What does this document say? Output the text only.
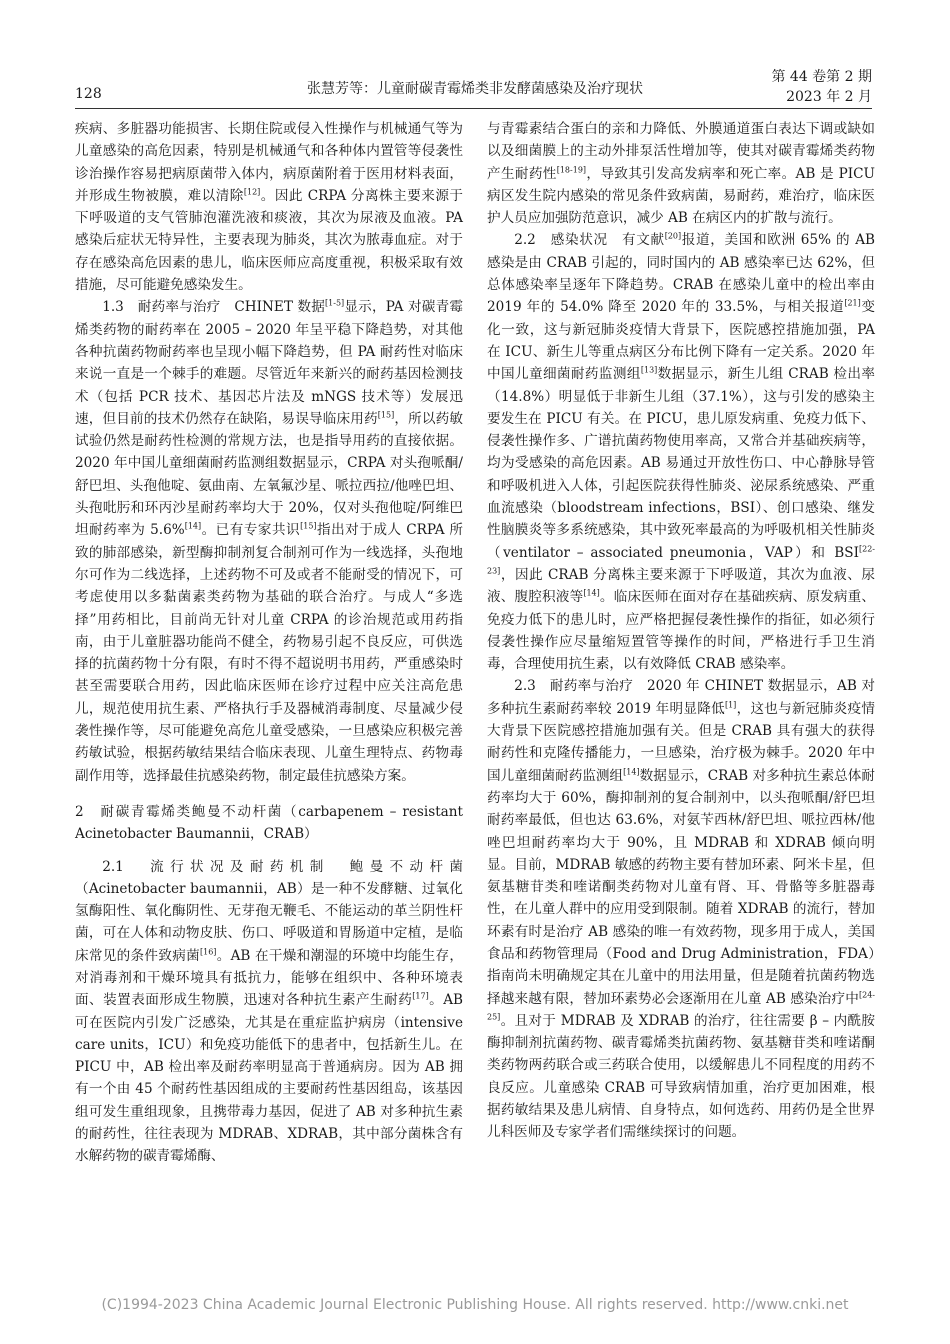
128	张慧芳等：儿童耐碳青霉烯类非发酵菌感染及治疗现状
第 44 卷第 2 期
2023 年 2 月

疾病、多脏器功能损害、长期住院或侵入性操作与机械通气等为儿童感染的高危因素，特别是机械通气和各种体内置管等侵袭性诊治操作容易把病原菌带入体内，病原菌附着于医用材料表面，并形成生物被膜，难以清除[12]。因此 CRPA 分离株主要来源于下呼吸道的支气管肺泡灌洗液和痰液，其次为尿液及血液。PA 感染后症状无特异性，主要表现为肺炎，其次为脓毒血症。对于存在感染高危因素的患儿，临床医师应高度重视，积极采取有效措施，尽可能避免感染发生。

1.3　耐药率与治疗　CHINET 数据[1-5]显示，PA 对碳青霉烯类药物的耐药率在 2005 – 2020 年呈平稳下降趋势，对其他各种抗菌药物耐药率也呈现小幅下降趋势，但 PA 耐药性对临床来说一直是一个棘手的难题。尽管近年来新兴的耐药基因检测技术（包括 PCR 技术、基因芯片法及 mNGS 技术等）发展迅速，但目前的技术仍然存在缺陷，易误导临床用药[15]，所以药敏试验仍然是耐药性检测的常规方法，也是指导用药的直接依据。2020 年中国儿童细菌耐药监测组数据显示，CRPA 对头孢哌酮/舒巴坦、头孢他啶、氨曲南、左氧氟沙星、哌拉西拉/他唑巴坦、头孢吡肟和环丙沙星耐药率均大于 20%，仅对头孢他啶/阿维巴坦耐药率为 5.6%[14]。已有专家共识[15]指出对于成人 CRPA 所致的肺部感染，新型酶抑制剂复合制剂可作为一线选择，头孢地尔可作为二线选择，上述药物不可及或者不能耐受的情况下，可考虑使用以多黏菌素类药物为基础的联合治疗。与成人“多选择”用药相比，目前尚无针对儿童 CRPA 的诊治规范或用药指南，由于儿童脏器功能尚不健全，药物易引起不良反应，可供选择的抗菌药物十分有限，有时不得不超说明书用药，严重感染时甚至需要联合用药，因此临床医师在诊疗过程中应关注高危患儿，规范使用抗生素、严格执行手及器械消毒制度、尽量减少侵袭性操作等，尽可能避免高危儿童受感染，一旦感染应积极完善药敏试验，根据药敏结果结合临床表现、儿童生理特点、药物毒副作用等，选择最佳抗感染药物，制定最佳抗感染方案。

2　耐碳青霉烯类鲍曼不动杆菌（carbapenem – resistant Acinetobacter Baumannii，CRAB）

2.1　流行状况及耐药机制　鲍曼不动杆菌（Acinetobacter baumannii，AB）是一种不发酵糖、过氧化氢酶阳性、氧化酶阴性、无芽孢无鞭毛、不能运动的革兰阴性杆菌，可在人体和动物皮肤、伤口、呼吸道和胃肠道中定植，是临床常见的条件致病菌[16]。AB 在干燥和潮湿的环境中均能生存，对消毒剂和干燥环境具有抵抗力，能够在组织中、各种环境表面、装置表面形成生物膜，迅速对各种抗生素产生耐药[17]。AB 可在医院内引发广泛感染，尤其是在重症监护病房（intensive care units，ICU）和免疫功能低下的患者中，包括新生儿。在 PICU 中，AB 检出率及耐药率明显高于普通病房。因为 AB 拥有一个由 45 个耐药性基因组成的主要耐药性基因组岛，该基因组可发生重组现象，且携带毒力基因，促进了 AB 对多种抗生素的耐药性，往往表现为 MDRAB、XDRAB，其中部分菌株含有水解药物的碳青霉烯酶、

与青霉素结合蛋白的亲和力降低、外膜通道蛋白表达下调或缺如以及细菌膜上的主动外排泵活性增加等，使其对碳青霉烯类药物产生耐药性[18-19]，导致其引发高发病率和死亡率。AB 是 PICU 病区发生院内感染的常见条件致病菌，易耐药，难治疗，临床医护人员应加强防范意识，减少 AB 在病区内的扩散与流行。

2.2　感染状况　有文献[20]报道，美国和欧洲 65% 的 AB 感染是由 CRAB 引起的，同时国内的 AB 感染率已达 62%，但总体感染率呈逐年下降趋势。CRAB 在感染儿童中的检出率由 2019 年的 54.0% 降至 2020 年的 33.5%，与相关报道[21]变化一致，这与新冠肺炎疫情大背景下，医院感控措施加强，PA 在 ICU、新生儿等重点病区分布比例下降有一定关系。2020 年中国儿童细菌耐药监测组[13]数据显示，新生儿组 CRAB 检出率（14.8%）明显低于非新生儿组（37.1%），这与引发的感染主要发生在 PICU 有关。在 PICU，患儿原发病重、免疫力低下、侵袭性操作多、广谱抗菌药物使用率高，又常合并基础疾病等，均为受感染的高危因素。AB 易通过开放性伤口、中心静脉导管和呼吸机进入人体，引起医院获得性肺炎、泌尿系统感染、严重血流感染（bloodstream infections，BSI）、创口感染、继发性脑膜炎等多系统感染，其中致死率最高的为呼吸机相关性肺炎（ventilator – associated pneumonia，VAP）和 BSI[22-23]，因此 CRAB 分离株主要来源于下呼吸道，其次为血液、尿液、腹腔积液等[14]。临床医师在面对存在基础疾病、原发病重、免疫力低下的患儿时，应严格把握侵袭性操作的指征，如必须行侵袭性操作应尽量缩短置管等操作的时间，严格进行手卫生消毒，合理使用抗生素，以有效降低 CRAB 感染率。

2.3　耐药率与治疗　2020 年 CHINET 数据显示，AB 对多种抗生素耐药率较 2019 年明显降低[1]，这也与新冠肺炎疫情大背景下医院感控措施加强有关。但是 CRAB 具有强大的获得耐药性和克隆传播能力，一旦感染，治疗极为棘手。2020 年中国儿童细菌耐药监测组[14]数据显示，CRAB 对多种抗生素总体耐药率均大于 60%，酶抑制剂的复合制剂中，以头孢哌酮/舒巴坦耐药率最低，但也达 63.6%，对氨苄西林/舒巴坦、哌拉西林/他唑巴坦耐药率均大于 90%，且 MDRAB 和 XDRAB 倾向明显。目前，MDRAB 敏感的药物主要有替加环素、阿米卡星，但氨基糖苷类和喹诺酮类药物对儿童有肾、耳、骨骼等多脏器毒性，在儿童人群中的应用受到限制。随着 XDRAB 的流行，替加环素有时是治疗 AB 感染的唯一有效药物，现多用于成人，美国食品和药物管理局（Food and Drug Administration，FDA）指南尚未明确规定其在儿童中的用法用量，但是随着抗菌药物选择越来越有限，替加环素势必会逐渐用在儿童 AB 感染治疗中[24-25]。且对于 MDRAB 及 XDRAB 的治疗，往往需要 β – 内酰胺酶抑制剂抗菌药物、碳青霉烯类抗菌药物、氨基糖苷类和喹诺酮类药物两药联合或三药联合使用，以缓解患儿不同程度的用药不良反应。儿童感染 CRAB 可导致病情加重，治疗更加困难，根据药敏结果及患儿病情、自身特点，如何选药、用药仍是全世界儿科医师及专家学者们需继续探讨的问题。

(C)1994-2023 China Academic Journal Electronic Publishing House. All rights reserved. http://www.cnki.net
